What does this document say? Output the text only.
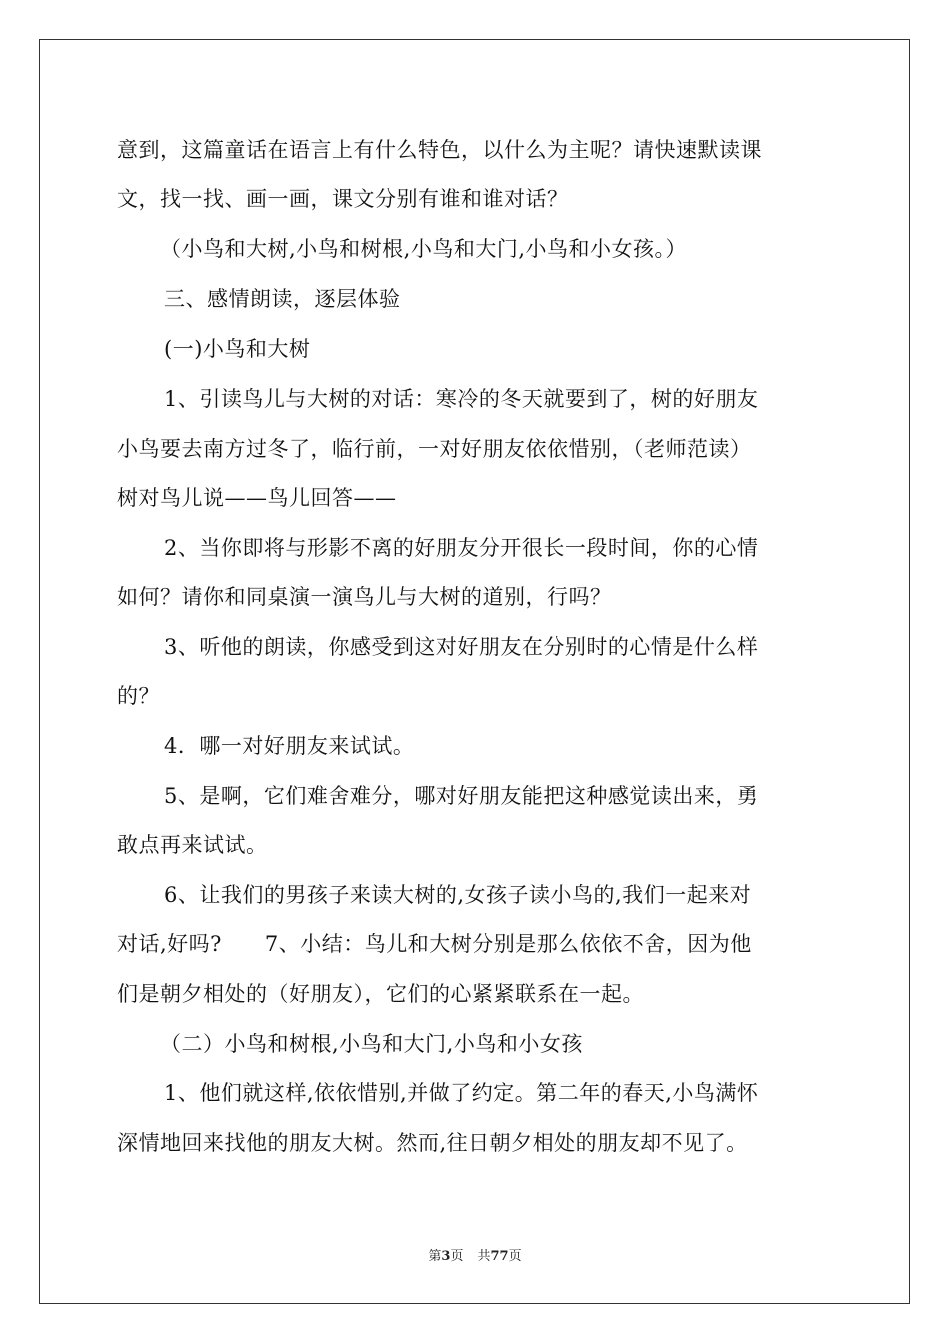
意到，这篇童话在语言上有什么特色，以什么为主呢？请快速默读课
文，找一找、画一画，课文分别有谁和谁对话？
（小鸟和大树,小鸟和树根,小鸟和大门,小鸟和小女孩。）
三、感情朗读，逐层体验
(一)小鸟和大树
1、引读鸟儿与大树的对话：寒冷的冬天就要到了，树的好朋友
小鸟要去南方过冬了，临行前，一对好朋友依依惜别，（老师范读）
树对鸟儿说——鸟儿回答——
2、当你即将与形影不离的好朋友分开很长一段时间，你的心情
如何？请你和同桌演一演鸟儿与大树的道别，行吗？
3、听他的朗读，你感受到这对好朋友在分别时的心情是什么样
的？
4．哪一对好朋友来试试。
5、是啊，它们难舍难分，哪对好朋友能把这种感觉读出来，勇
敢点再来试试。
6、让我们的男孩子来读大树的,女孩子读小鸟的,我们一起来对
对话,好吗?　　7、小结：鸟儿和大树分别是那么依依不舍，因为他
们是朝夕相处的（好朋友），它们的心紧紧联系在一起。
（二）小鸟和树根,小鸟和大门,小鸟和小女孩
1、他们就这样,依依惜别,并做了约定。第二年的春天,小鸟满怀
深情地回来找他的朋友大树。然而,往日朝夕相处的朋友却不见了。
第3页 共77页
